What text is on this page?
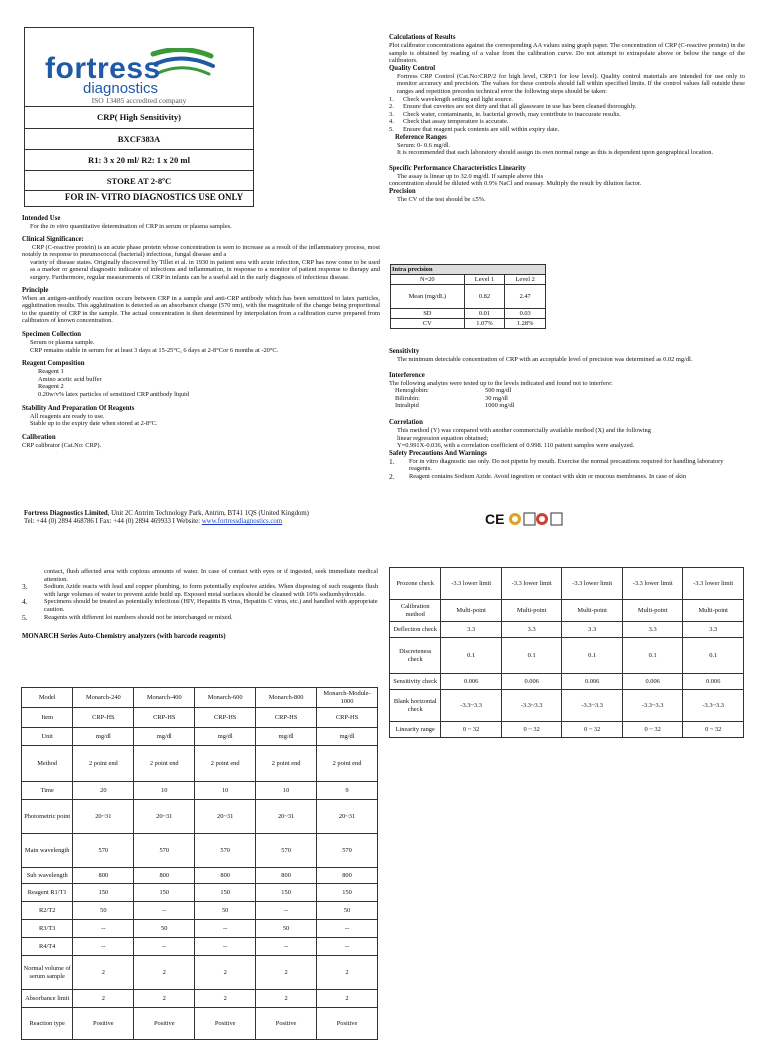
fortress
diagnostics
ISO 13485 accredited company
CRP( High Sensitivity)
BXCF383A
R1: 3 x 20 ml/ R2: 1 x 20 ml
STORE AT 2-8ºC
FOR IN- VITRO DIAGNOSTICS USE ONLY

Intended Use

For the in vitro quantitative determination of CRP in serum or plasma samples.

Clinical Significance:

CRP (C-reactive protein) is an acute phase protein whose concentration is seen to increase as a result of the inflammatory process, most notably in response to pneumococcal (bacterial) infectious, fungal disease and a

variety of disease states. Originally discovered by Tillet et al. in 1930 in patient sera with acute infection, CRP has now come to be used as a marker or general diagnostic indicator of infections and inflammation, in response to a monitor of patient response to therapy and surgery. Furthermore, regular measurements of CRP in infants can be a useful aid in the early diagnosis of infectious disease.

Principle

When an antigen-antibody reaction occurs between CRP in a sample and anti-CRP antibody which has been sensitized to latex particles, agglutination results. This agglutination is detected as an absorbance change (570 nm), with the magnitude of the change being proportional to the quantity of CRP in the sample. The actual concentration is then determined by interpolation from a calibration curve prepared from calibrators of known concentration.

Specimen Collection

Serum or plasma sample.

CRP remains stable in serum for at least 3 days at 15-25°C, 6 days at 2-8°Cor 6 months at -20°C.

Reagent Composition

Reagent 1

Amino acetic acid buffer

Reagent 2

0.20w/v% latex particles of sensitized CRP antibody liquid

Stability And Preparation Of Reagents

All reagents are ready to use.

Stable up to the expiry date when stored at 2-8°C.

Calibration

CRP calibrator (Cat.No: CRP).

Calculations of Results

Plot calibrator concentrations against the corresponding AA values using graph paper. The concentration of CRP (C-reactive protein) in the sample is obtained by reading of a value from the calibration curve. Do not attempt to extrapolate above or below the range of the calibrators.

Quality Control

Fortress CRP Control (Cat.No:CRP/2 for high level, CRP/1 for low level). Quality control materials are intended for use only to monitor accuracy and precision. The values for these controls should fall within specified limits. If the control values fall outside these ranges and repetition precedes technical error the following steps should be taken:

1. Check wavelength setting and light source.

2. Ensure that cuvettes are not dirty and that all glassware in use has been cleaned thoroughly.

3. Check water, contaminants, ie. bacterial growth, may contribute to inaccurate results.

4. Check that assay temperature is accurate.

5. Ensure that reagent pack contents are still within expiry date.

Reference Ranges

Serum: 0- 0.6 mg/dl.

It is recommended that each laboratory should assign its own normal range as this is dependent upon geographical location.

Specific Performance Characteristics Linearity

The assay is linear up to 32.0 mg/dl. If sample above this

concentration should be diluted with 0.9% NaCl and reassay. Multiply the result by dilution factor.

Precision

The CV of the test should be ≤5%.

Intra precision		
N=20	Level 1	Level 2
Mean (mg/dL)	0.82	2.47
SD	0.01	0.03
CV	1.07%	1.28%

Sensitivity

The minimum detectable concentration of CRP with an acceptable level of precision was determined as 0.02 mg/dl.

Interference

The following analytes were tested up to the levels indicated and found not to interfere:

Hemoglobin:	500 mg/dl

Bilirubin:	30 mg/dl

Intralipid	1000 mg/dl

Correlation

This method (Y) was compared with another commercially available method (X) and the following

linear regression equation obtained;

Y=0.991X-0.036, with a correlation coefficient of 0.998. 110 patient samples were analyzed.

Safety Precautions And Warnings

1.	For in vitro diagnostic use only. Do not pipette by mouth. Exercise the normal precautions required for handling laboratory reagents.

2.	Reagent contains Sodium Azide. Avoid ingestion or contact with skin or mucous membranes. In case of skin

Fortress Diagnostics Limited, Unit 2C Antrim Technology Park, Antrim, BT41 1QS (United Kingdom)

Tel: +44 (0) 2894 468786 I Fax: +44 (0) 2894 469933 I Website: www.fortressdiagnostics.com	CE

contact, flush affected area with copious amounts of water. In case of contact with eyes or if ingested, seek immediate medical attention.

3.	Sodium Azide reacts with lead and copper plumbing, to form potentially explosive azides. When disposing of such reagents flush with large volumes of water to prevent azide build up. Exposed metal surfaces should be cleaned with 10% sodiumhydroxide.

4.	Specimens should be treated as potentially infectious (HIV, Hepatitis B virus, Hepatitis C virus, etc.) and handled with appropriate caution.

5.	Reagents with different lot numbers should not be interchanged or mixed.

MONARCH Series Auto-Chemistry analyzers (with barcode reagents)

Model	Monarch-240	Monarch-400	Monarch-600	Monarch-800	Monarch-Module-1000
Item	CRP-HS	CRP-HS	CRP-HS	CRP-HS	CRP-HS
Unit	mg/dl	mg/dl	mg/dl	mg/dl	mg/dl
Method	2 point end	2 point end	2 point end	2 point end	2 point end
Time	20	10	10	10	9
Photometric point	20~31	20~31	20~31	20~31	20~31
Main wavelength	570	570	570	570	570
Sub wavelength	800	800	800	800	800
Reagent R1/T1	150	150	150	150	150
R2/T2	50	--	50	--	50
R3/T3	--	50	--	50	--
R4/T4	--	--	--	--	--
Normal volume of serum sample	2	2	2	2	2
Absorbance limit	2	2	2	2	2
Reaction type	Positive	Positive	Positive	Positive	Positive
Prozone check	-3.3 lower limit	-3.3 lower limit	-3.3 lower limit	-3.3 lower limit	-3.3 lower limit
Calibration method	Multi-point	Multi-point	Multi-point	Multi-point	Multi-point
Deflection check	3.3	3.3	3.3	3.3	3.3
Discreteness check	0.1	0.1	0.1	0.1	0.1
Sensitivity check	0.006	0.006	0.006	0.006	0.006
Blank horizontal check	-3.3~3.3	-3.3~3.3	-3.3~3.3	-3.3~3.3	-3.3~3.3
Linearity range	0 ~ 32	0 ~ 32	0 ~ 32	0 ~ 32	0 ~ 32
